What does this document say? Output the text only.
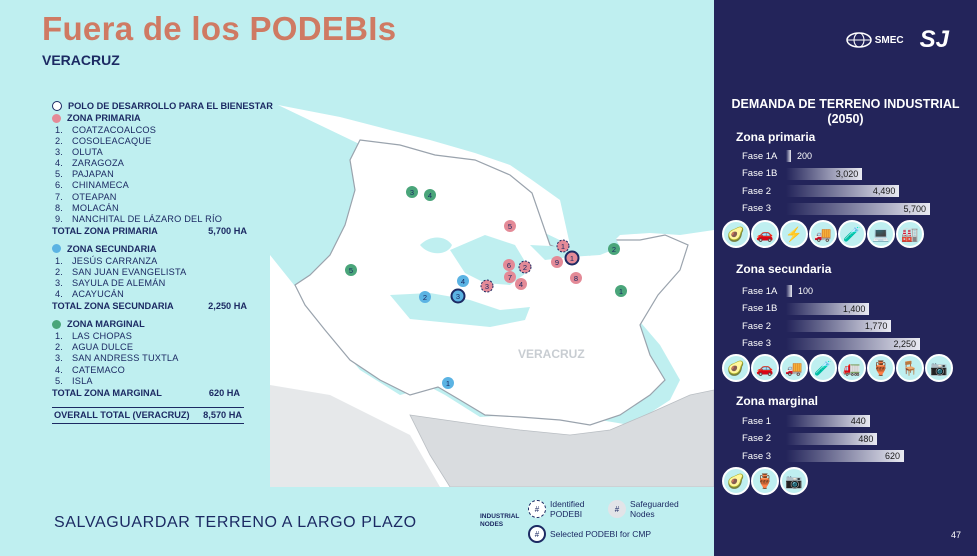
VERACRUZ
3 4
5
2
1
5
1
9 1
6 2
7
4
3
8
4
2	3
1
Fuera de los PODEBIs
VERACRUZ
POLO DE DESARROLLO PARA EL BIENESTAR
ZONA PRIMARIA
1. COATZACOALCOS
2. COSOLEACAQUE
3. OLUTA
4. ZARAGOZA
5. PAJAPAN
6. CHINAMECA
7. OTEAPAN
8. MOLACÁN
9. NANCHITAL DE LÁZARO DEL RÍO
TOTAL ZONA PRIMARIA	5,700 HA
ZONA SECUNDARIA
1. JESÚS CARRANZA
2. SAN JUAN EVANGELISTA
3. SAYULA DE ALEMÁN
4. ACAYUCÁN
TOTAL ZONA SECUNDARIA	2,250 HA
ZONA MARGINAL
1. LAS CHOPAS
2. AGUA DULCE
3. SAN ANDRESS TUXTLA
4. CATEMACO
5. ISLA
TOTAL ZONA MARGINAL	620 HA
OVERALL TOTAL (VERACRUZ) 8,570 HA
SALVAGUARDAR TERRENO A LARGO PLAZO	INDUSTRIAL NODES
#	Identified PODEBI	#	Safeguarded Nodes
#	Selected PODEBI for CMP
SMEC SJ
DEMANDA DE TERRENO INDUSTRIAL (2050)
Zona primaria
Fase 1A	200
Fase 1B	3,020
Fase 2	4,490
Fase 3	5,700
🥑 🚗 ⚡ 🚚 🧪 💻 🏭
Zona secundaria
Fase 1A	100
Fase 1B	1,400
Fase 2	1,770
Fase 3	2,250
🥑 🚗 🚚 🧪 🚛 🏺 🪑 📷
Zona marginal
Fase 1	440
Fase 2	480
Fase 3	620
🥑 🏺 📷
47
